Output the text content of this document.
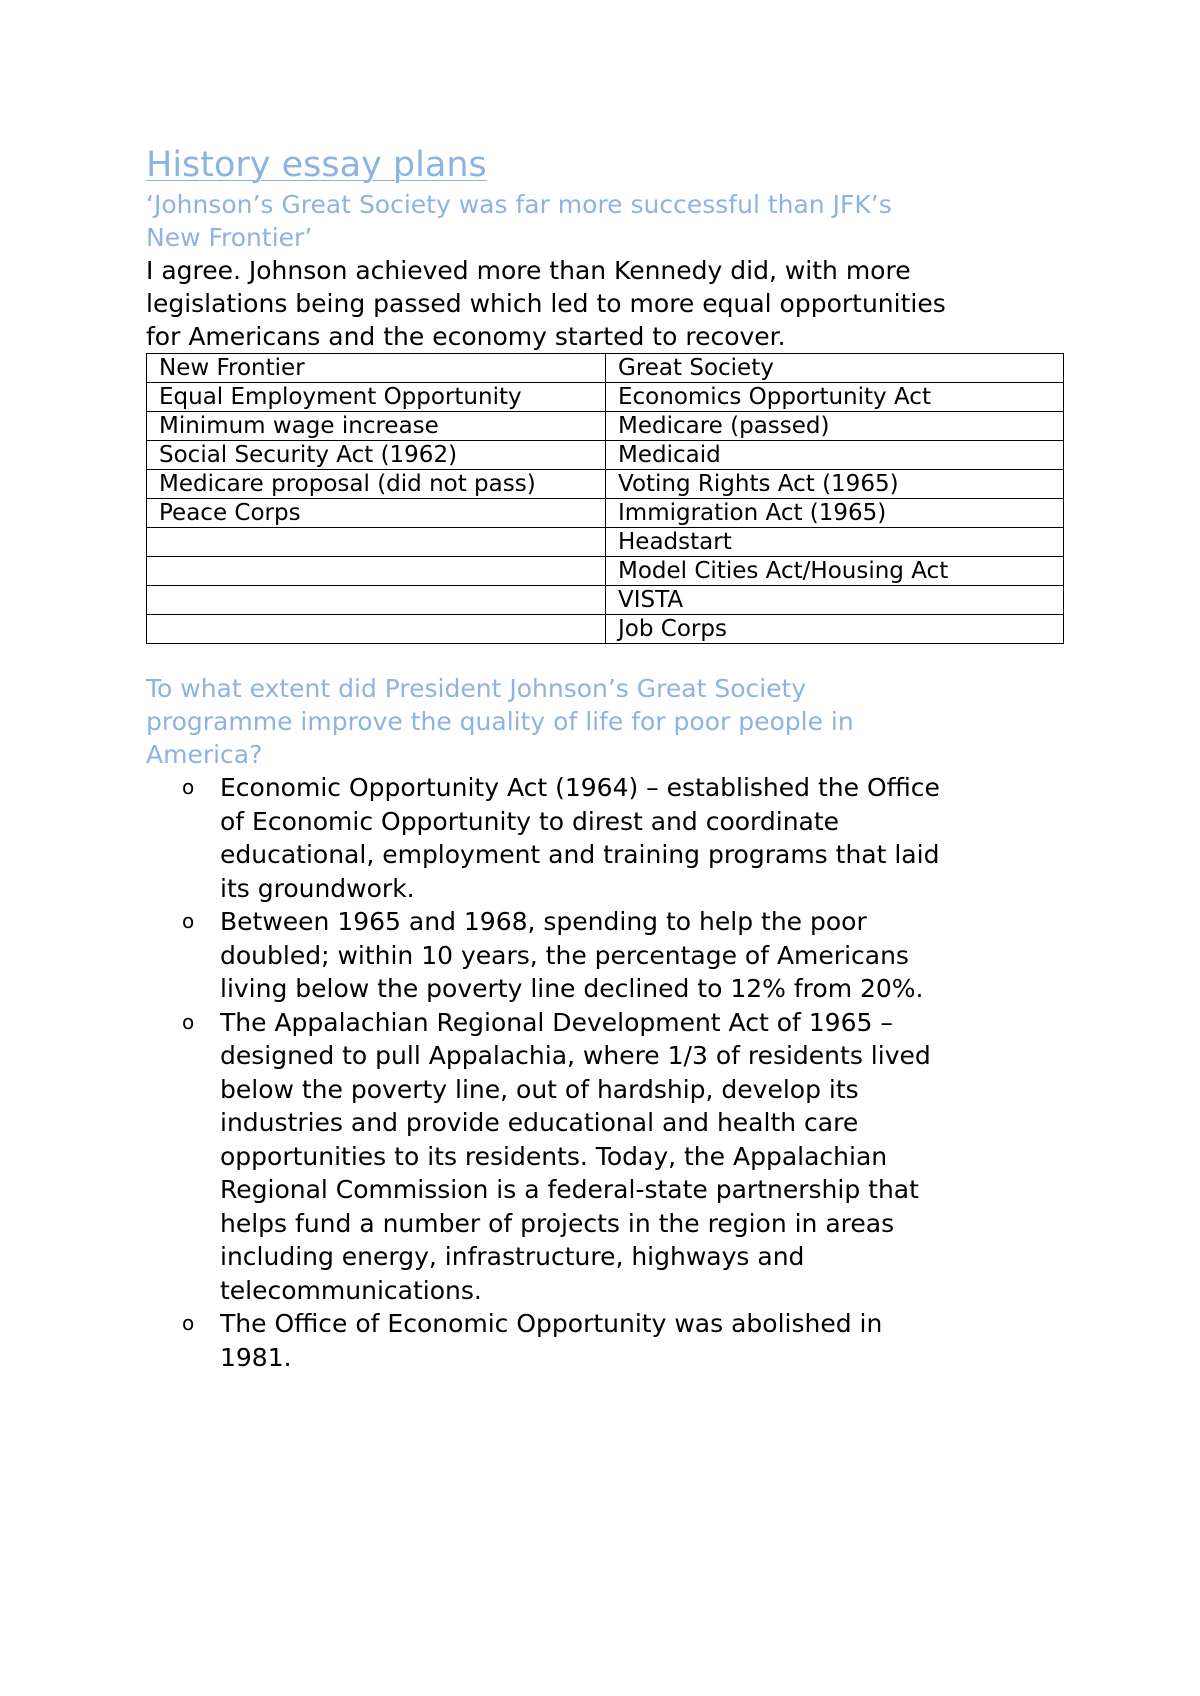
History essay plans

‘Johnson’s Great Society was far more successful than JFK’s

New Frontier’

I agree. Johnson achieved more than Kennedy did, with more

legislations being passed which led to more equal opportunities

for Americans and the economy started to recover.

New Frontier	Great Society
Equal Employment Opportunity	Economics Opportunity Act
Minimum wage increase	Medicare (passed)
Social Security Act (1962)	Medicaid
Medicare proposal (did not pass)	Voting Rights Act (1965)
Peace Corps	Immigration Act (1965)
	Headstart
	Model Cities Act/Housing Act
	VISTA
	Job Corps

To what extent did President Johnson’s Great Society

programme improve the quality of life for poor people in

America?

o Economic Opportunity Act (1964) – established the Office
of Economic Opportunity to direst and coordinate
educational, employment and training programs that laid
its groundwork.
o Between 1965 and 1968, spending to help the poor
doubled; within 10 years, the percentage of Americans
living below the poverty line declined to 12% from 20%.
o The Appalachian Regional Development Act of 1965 –
designed to pull Appalachia, where 1/3 of residents lived
below the poverty line, out of hardship, develop its
industries and provide educational and health care
opportunities to its residents. Today, the Appalachian
Regional Commission is a federal-state partnership that
helps fund a number of projects in the region in areas
including energy, infrastructure, highways and
telecommunications.
o The Office of Economic Opportunity was abolished in
1981.
